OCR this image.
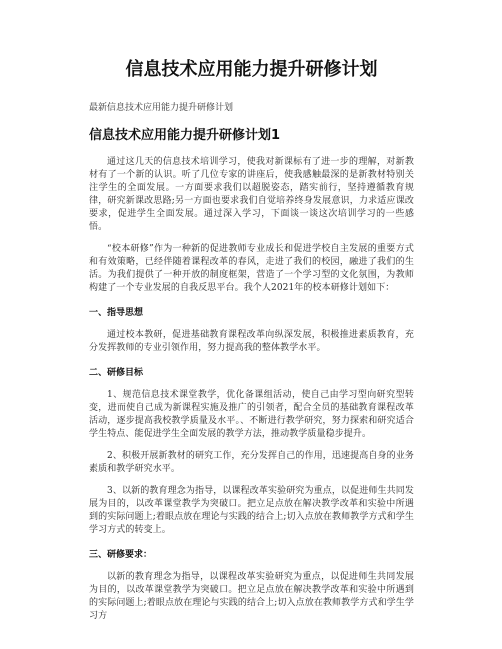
信息技术应用能力提升研修计划
最新信息技术应用能力提升研修计划
信息技术应用能力提升研修计划1

通过这几天的信息技术培训学习，使我对新课标有了进一步的理解，对新教材有了一个新的认识。听了几位专家的讲座后，使我感触最深的是新教材特别关注学生的全面发展。一方面要求我们以超脱姿态，踏实前行，坚持遵循教育规律，研究新课改思路;另一方面也要求我们自觉培养终身发展意识，力求适应课改要求，促进学生全面发展。通过深入学习，下面谈一谈这次培训学习的一些感悟。

“校本研修”作为一种新的促进教师专业成长和促进学校自主发展的重要方式和有效策略，已经伴随着课程改革的春风，走进了我们的校园，融进了我们的生活。为我们提供了一种开放的制度框架，营造了一个学习型的文化氛围，为教师构建了一个专业发展的自我反思平台。我个人2021年的校本研修计划如下：

一、指导思想

通过校本教研，促进基础教育课程改革向纵深发展，积极推进素质教育，充分发挥教师的专业引领作用，努力提高我的整体教学水平。

二、研修目标

1、规范信息技术课堂教学，优化备课组活动，使自己由学习型向研究型转变，进而使自己成为新课程实施及推广的引领者，配合全员的基础教育课程改革活动，逐步提高我校教学质量及水平。、不断进行教学研究，努力探索和研究适合学生特点、能促进学生全面发展的教学方法，推动教学质量稳步提升。

2、积极开展新教材的研究工作，充分发挥自己的作用，迅速提高自身的业务素质和教学研究水平。

3、以新的教育理念为指导，以课程改革实验研究为重点，以促进师生共同发展为目的，以改革课堂教学为突破口。把立足点放在解决教学改革和实验中所遇到的实际问题上;着眼点放在理论与实践的结合上;切入点放在教师教学方式和学生学习方式的转变上。

三、研修要求：

以新的教育理念为指导，以课程改革实验研究为重点，以促进师生共同发展为目的，以改革课堂教学为突破口。把立足点放在解决教学改革和实验中所遇到的实际问题上;着眼点放在理论与实践的结合上;切入点放在教师教学方式和学生学习方
